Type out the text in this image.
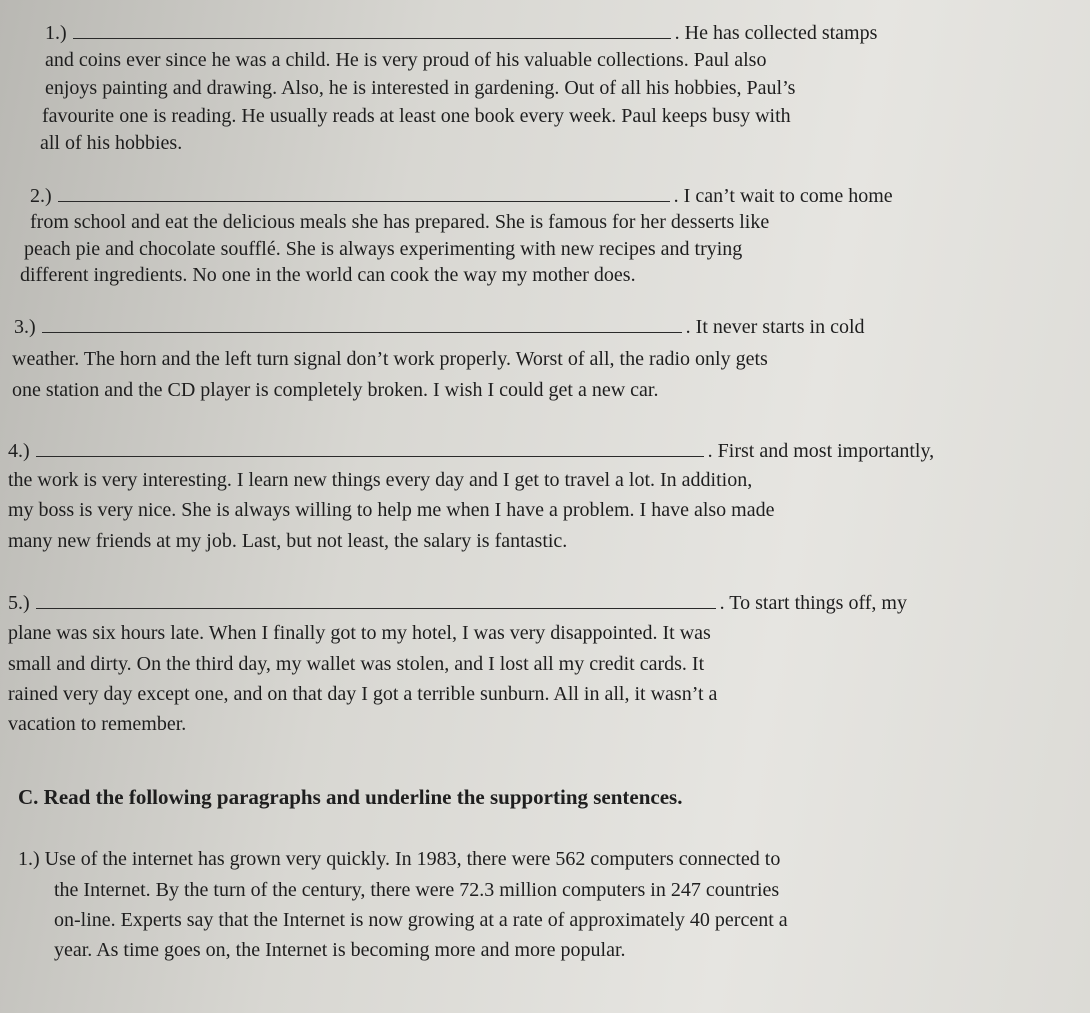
1.)	. He has collected stamps
and coins ever since he was a child. He is very proud of his valuable collections. Paul also
enjoys painting and drawing. Also, he is interested in gardening. Out of all his hobbies, Paul’s
favourite one is reading. He usually reads at least one book every week. Paul keeps busy with
all of his hobbies.
2.)	. I can’t wait to come home
from school and eat the delicious meals she has prepared. She is famous for her desserts like
peach pie and chocolate soufflé. She is always experimenting with new recipes and trying
different ingredients. No one in the world can cook the way my mother does.
3.)	. It never starts in cold
weather. The horn and the left turn signal don’t work properly. Worst of all, the radio only gets
one station and the CD player is completely broken. I wish I could get a new car.
4.)	. First and most importantly,
the work is very interesting. I learn new things every day and I get to travel a lot. In addition,
my boss is very nice. She is always willing to help me when I have a problem. I have also made
many new friends at my job. Last, but not least, the salary is fantastic.
5.)	. To start things off, my
plane was six hours late. When I finally got to my hotel, I was very disappointed. It was
small and dirty. On the third day, my wallet was stolen, and I lost all my credit cards. It
rained very day except one, and on that day I got a terrible sunburn. All in all, it wasn’t a
vacation to remember.
C. Read the following paragraphs and underline the supporting sentences.
1.) Use of the internet has grown very quickly. In 1983, there were 562 computers connected to
the Internet. By the turn of the century, there were 72.3 million computers in 247 countries
on-line. Experts say that the Internet is now growing at a rate of approximately 40 percent a
year. As time goes on, the Internet is becoming more and more popular.
